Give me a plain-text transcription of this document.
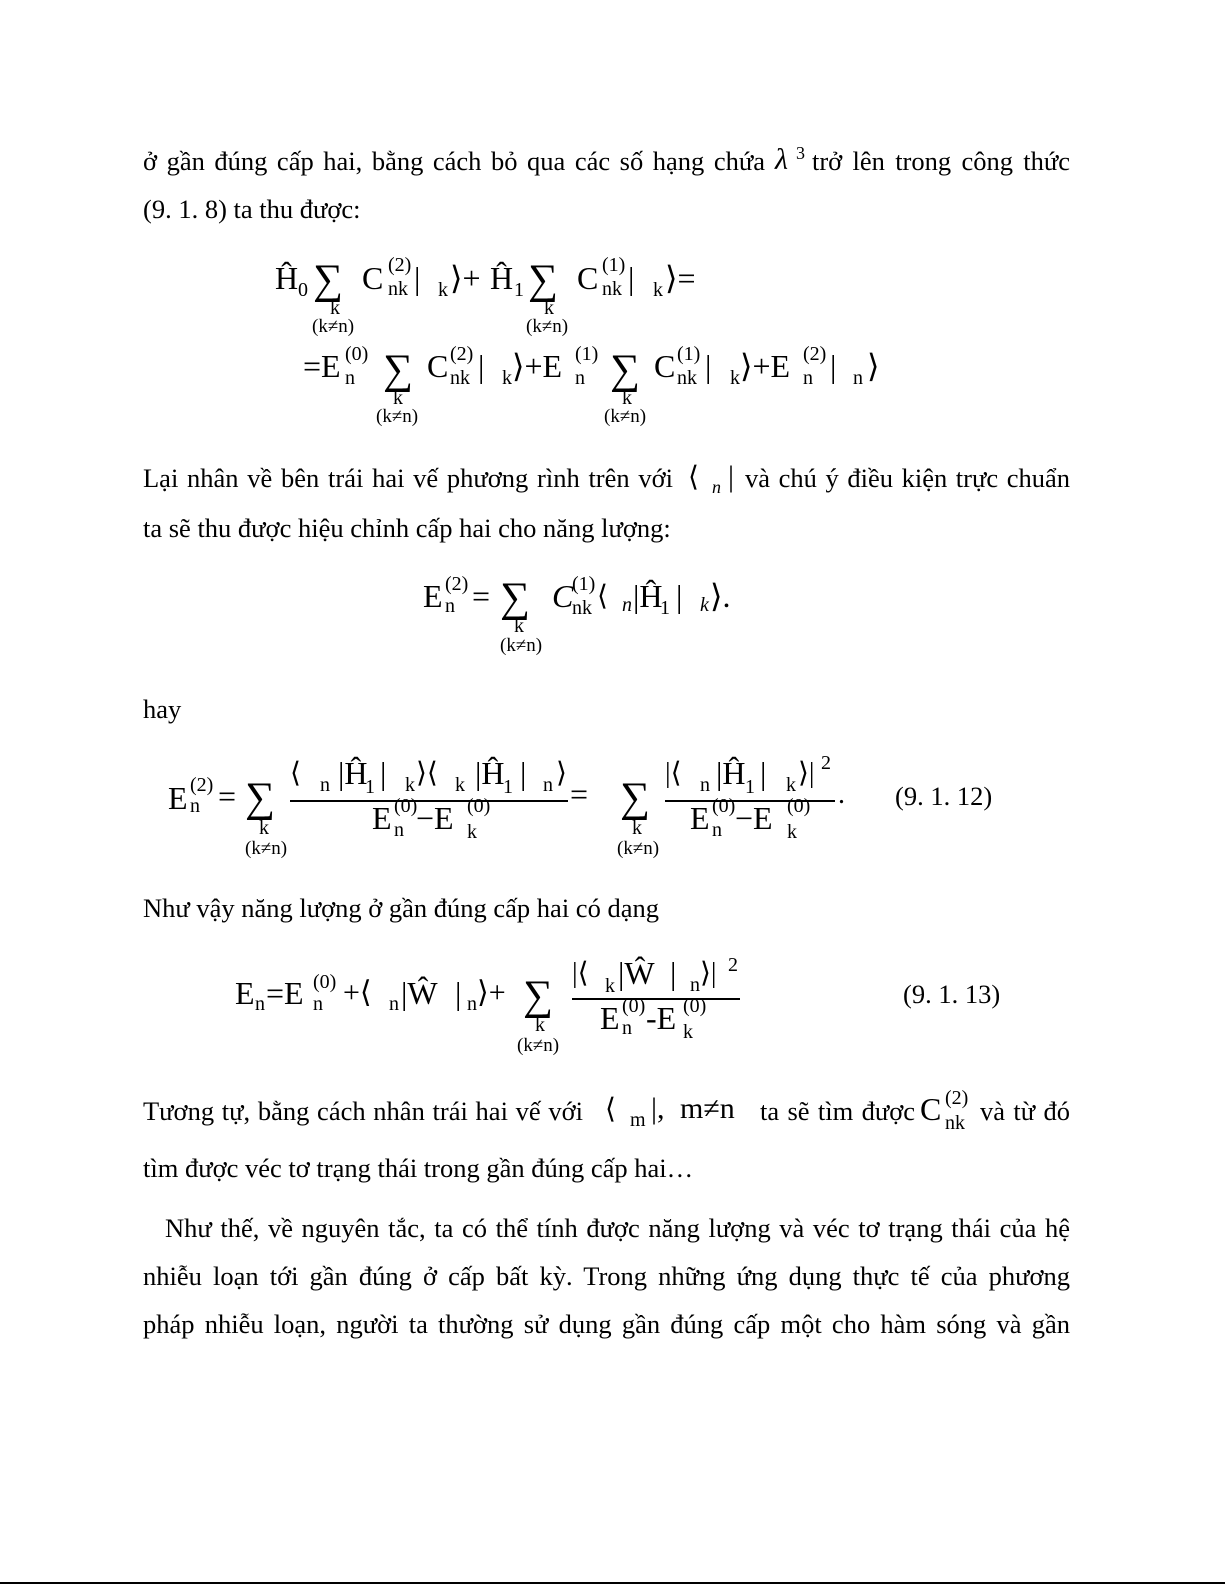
ở gần đúng cấp hai, bằng cách bỏ qua các số hạng chứa λ 3 trở lên trong công thức
(9. 1. 8) ta thu được:
Ĥ 0 ∑
k
(k≠n)
C (2)
nk | k ⟩+ Ĥ 1 ∑
k
(k≠n)
C (1)
nk | k ⟩=
=E (0)
n ∑
k
(k≠n)
C (2)
nk | k ⟩+E (1)
n ∑
k
(k≠n)
C (1)
nk | k ⟩+E (2)
n | n ⟩
Lại nhân về bên trái hai vế phương rình trên với ⟨ n | và chú ý điều kiện trực chuẩn
ta sẽ thu được hiệu chỉnh cấp hai cho năng lượng:
E (2)
n = ∑
k
(k≠n)
C
(1)
nk ⟨ n |Ĥ
1 | k ⟩.
hay
E (2)
n = ∑
k
(k≠n)
⟨ n |Ĥ
1 | k ⟩⟨ k |Ĥ
1 | n ⟩
E (0)
n −E (0)
k
= ∑
k
(k≠n)
|⟨ n |Ĥ 1 | k ⟩| 2
E (0)
n −E (0)
k
. (9. 1. 12)
Như vậy năng lượng ở gần đúng cấp hai có dạng
E n =E (0)
n +⟨ n |Ŵ | n ⟩+ ∑
k
(k≠n)
|⟨ k |Ŵ | n ⟩| 2
E (0)
n -E (0)
k
(9. 1. 13)
Tương tự, bằng cách nhân trái hai vế với ⟨ m |, m≠n ta sẽ tìm được C (2)
nk và từ đó
tìm được véc tơ trạng thái trong gần đúng cấp hai…
Như thế, về nguyên tắc, ta có thể tính được năng lượng và véc tơ trạng thái của hệ
nhiễu loạn tới gần đúng ở cấp bất kỳ. Trong những ứng dụng thực tế của phương
pháp nhiễu loạn, người ta thường sử dụng gần đúng cấp một cho hàm sóng và gần
